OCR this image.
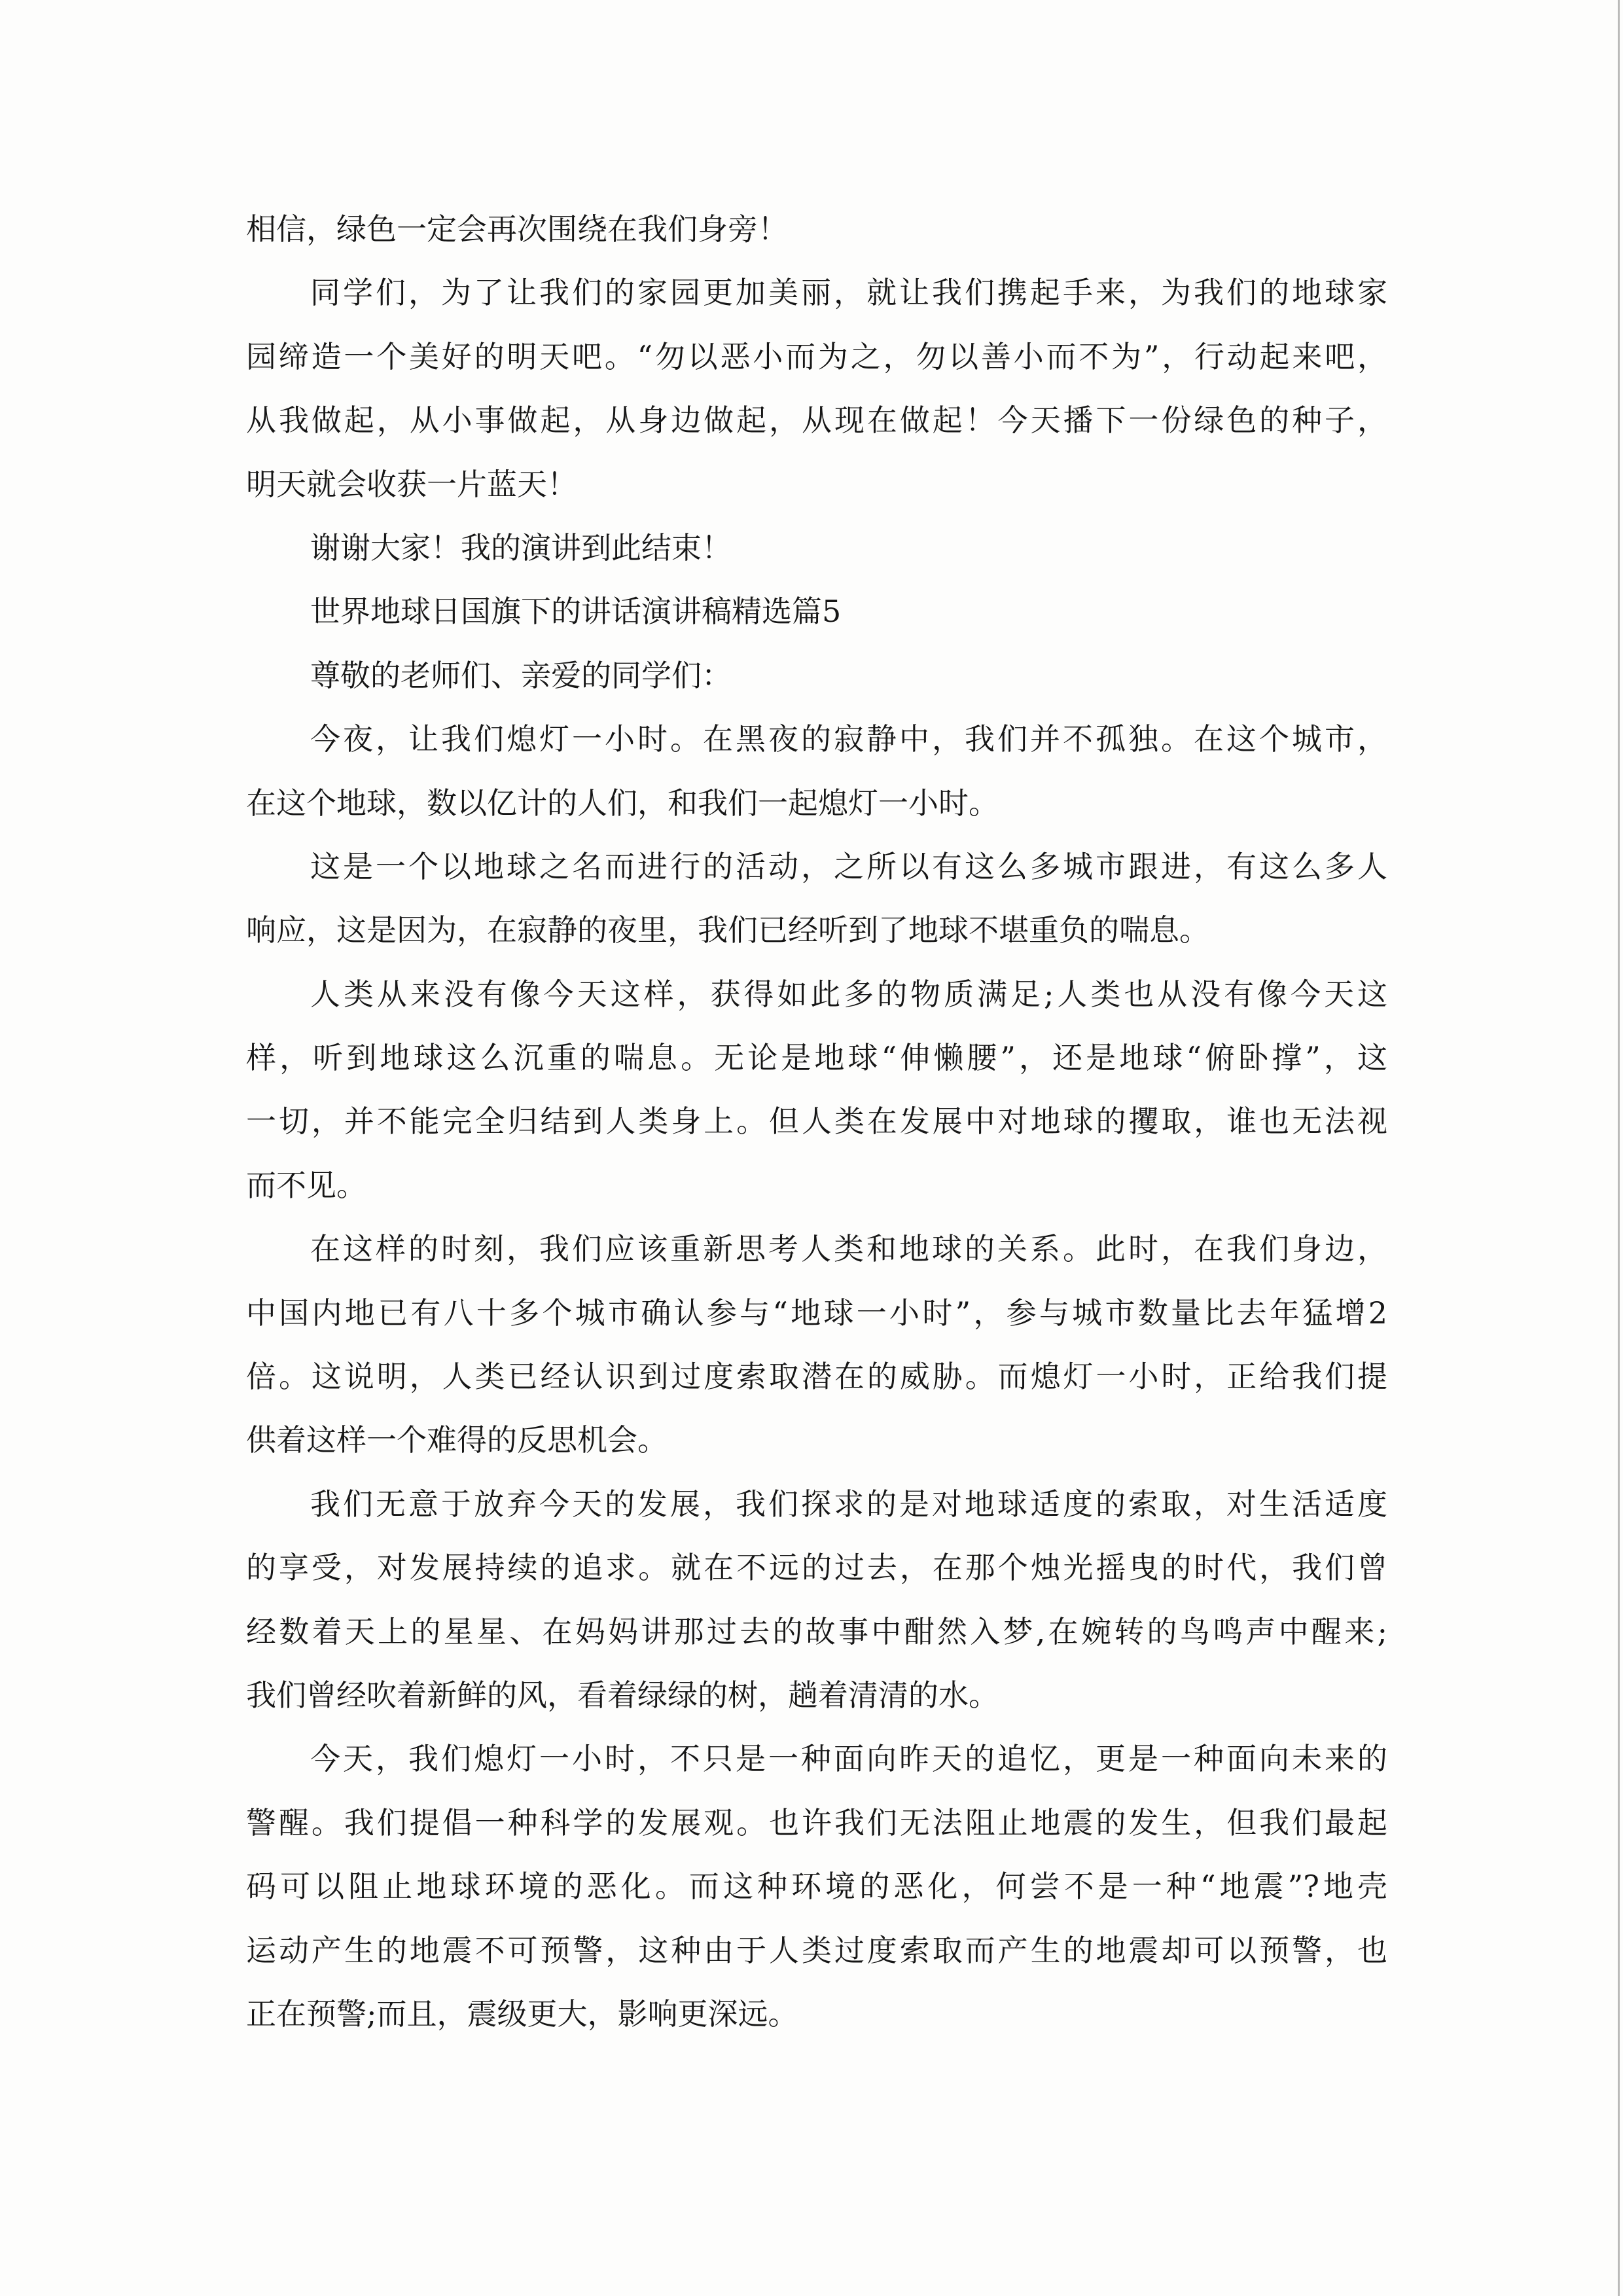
相信，绿色一定会再次围绕在我们身旁！
同学们，为了让我们的家园更加美丽，就让我们携起手来，为我们的地球家
园缔造一个美好的明天吧。“勿以恶小而为之，勿以善小而不为”，行动起来吧，
从我做起，从小事做起，从身边做起，从现在做起！今天播下一份绿色的种子，
明天就会收获一片蓝天！
谢谢大家！我的演讲到此结束！
世界地球日国旗下的讲话演讲稿精选篇5
尊敬的老师们、亲爱的同学们：
今夜，让我们熄灯一小时。在黑夜的寂静中，我们并不孤独。在这个城市，
在这个地球，数以亿计的人们，和我们一起熄灯一小时。
这是一个以地球之名而进行的活动，之所以有这么多城市跟进，有这么多人
响应，这是因为，在寂静的夜里，我们已经听到了地球不堪重负的喘息。
人类从来没有像今天这样，获得如此多的物质满足;人类也从没有像今天这
样，听到地球这么沉重的喘息。无论是地球“伸懒腰”，还是地球“俯卧撑”，这
一切，并不能完全归结到人类身上。但人类在发展中对地球的攫取，谁也无法视
而不见。
在这样的时刻，我们应该重新思考人类和地球的关系。此时，在我们身边，
中国内地已有八十多个城市确认参与“地球一小时”，参与城市数量比去年猛增2
倍。这说明，人类已经认识到过度索取潜在的威胁。而熄灯一小时，正给我们提
供着这样一个难得的反思机会。
我们无意于放弃今天的发展，我们探求的是对地球适度的索取，对生活适度
的享受，对发展持续的追求。就在不远的过去，在那个烛光摇曳的时代，我们曾
经数着天上的星星、在妈妈讲那过去的故事中酣然入梦,在婉转的鸟鸣声中醒来;
我们曾经吹着新鲜的风，看着绿绿的树，趟着清清的水。
今天，我们熄灯一小时，不只是一种面向昨天的追忆，更是一种面向未来的
警醒。我们提倡一种科学的发展观。也许我们无法阻止地震的发生，但我们最起
码可以阻止地球环境的恶化。而这种环境的恶化，何尝不是一种“地震”?地壳
运动产生的地震不可预警，这种由于人类过度索取而产生的地震却可以预警，也
正在预警;而且，震级更大，影响更深远。
